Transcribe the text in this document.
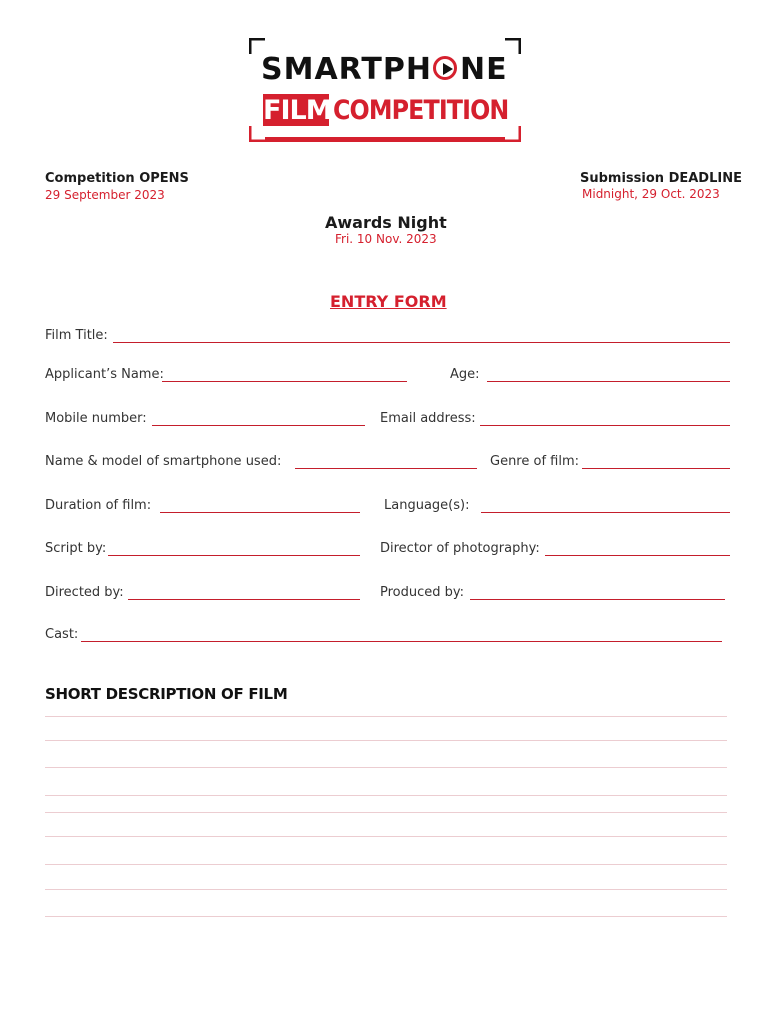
SMARTPH NE
FILM COMPETITION
Competition OPENS
29 September 2023
Submission DEADLINE
Midnight, 29 Oct. 2023
Awards Night
Fri. 10 Nov. 2023
ENTRY FORM
Film Title:
Applicant’s Name:	Age:
Mobile number:	Email address:
Name & model of smartphone used:	Genre of film:
Duration of film:	Language(s):
Script by:	Director of photography:
Directed by:	Produced by:
Cast:
SHORT DESCRIPTION OF FILM
